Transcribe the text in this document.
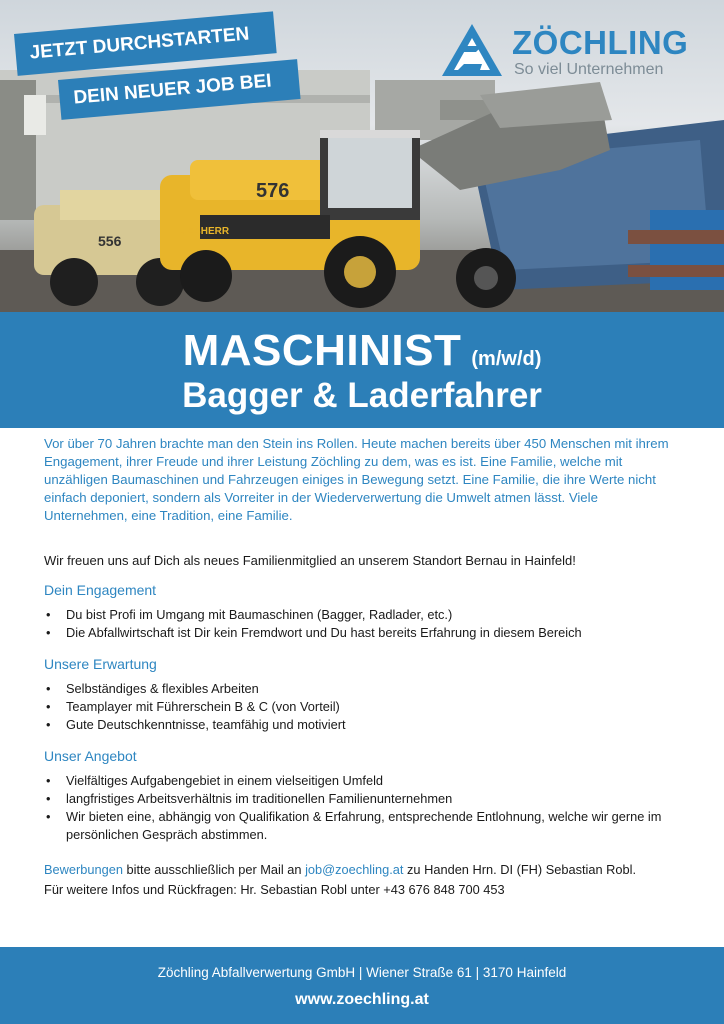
556
576
LIEBHERR
JETZT DURCHSTARTEN
DEIN NEUER JOB BEI
ZÖCHLING
So viel Unternehmen
MASCHINIST (m/w/d)
Bagger & Laderfahrer

Vor über 70 Jahren brachte man den Stein ins Rollen. Heute machen bereits über 450 Menschen mit ihrem Engagement, ihrer Freude und ihrer Leistung Zöchling zu dem, was es ist. Eine Familie, welche mit unzähligen Baumaschinen und Fahrzeugen einiges in Bewegung setzt. Eine Familie, die ihre Werte nicht einfach deponiert, sondern als Vorreiter in der Wiederverwertung die Umwelt atmen lässt. Viele Unternehmen, eine Tradition, eine Familie.

Wir freuen uns auf Dich als neues Familienmitglied an unserem Standort Bernau in Hainfeld!

Dein Engagement
• Du bist Profi im Umgang mit Baumaschinen (Bagger, Radlader, etc.)
• Die Abfallwirtschaft ist Dir kein Fremdwort und Du hast bereits Erfahrung in diesem Bereich
Unsere Erwartung
• Selbständiges & flexibles Arbeiten
• Teamplayer mit Führerschein B & C (von Vorteil)
• Gute Deutschkenntnisse, teamfähig und motiviert
Unser Angebot
• Vielfältiges Aufgabengebiet in einem vielseitigen Umfeld
• langfristiges Arbeitsverhältnis im traditionellen Familienunternehmen
• Wir bieten eine, abhängig von Qualifikation & Erfahrung, entsprechende Entlohnung, welche wir gerne im persönlichen Gespräch abstimmen.
Bewerbungen bitte ausschließlich per Mail an job@zoechling.at zu Handen Hrn. DI (FH) Sebastian Robl.
Für weitere Infos und Rückfragen: Hr. Sebastian Robl unter +43 676 848 700 453
Zöchling Abfallverwertung GmbH | Wiener Straße 61 | 3170 Hainfeld
www.zoechling.at
